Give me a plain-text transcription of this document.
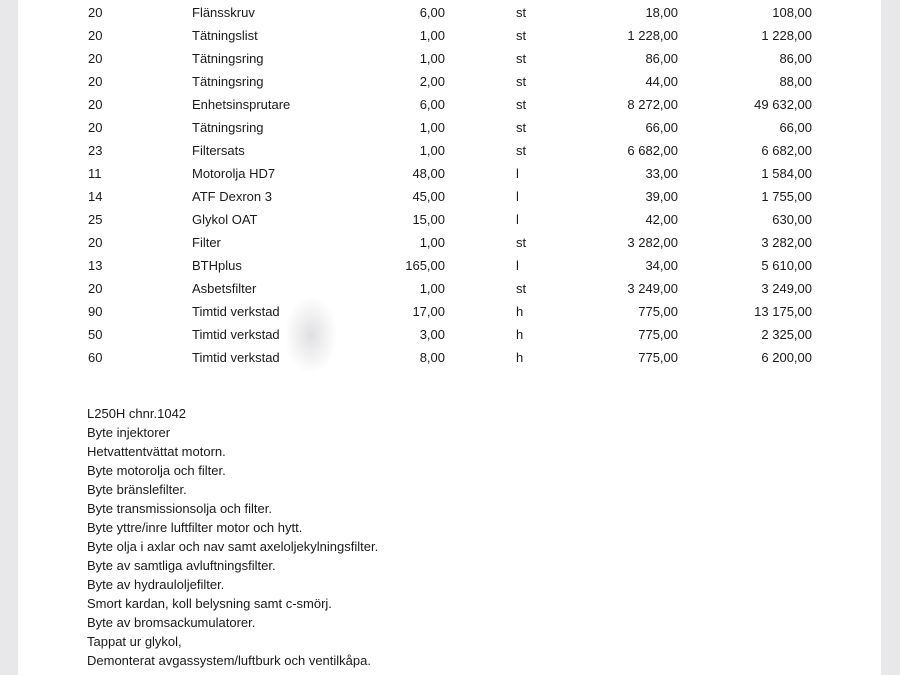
20	Flänsskruv	6,00	st	18,00	108,00
20	Tätningslist	1,00	st	1 228,00	1 228,00
20	Tätningsring	1,00	st	86,00	86,00
20	Tätningsring	2,00	st	44,00	88,00
20	Enhetsinsprutare	6,00	st	8 272,00	49 632,00
20	Tätningsring	1,00	st	66,00	66,00
23	Filtersats	1,00	st	6 682,00	6 682,00
11	Motorolja HD7	48,00	l	33,00	1 584,00
14	ATF Dexron 3	45,00	l	39,00	1 755,00
25	Glykol OAT	15,00	l	42,00	630,00
20	Filter	1,00	st	3 282,00	3 282,00
13	BTHplus	165,00	l	34,00	5 610,00
20	Asbetsfilter	1,00	st	3 249,00	3 249,00
90	Timtid verkstad	17,00	h	775,00	13 175,00
50	Timtid verkstad	3,00	h	775,00	2 325,00
60	Timtid verkstad	8,00	h	775,00	6 200,00
L250H chnr.1042
Byte injektorer
Hetvattentvättat motorn.
Byte motorolja och filter.
Byte bränslefilter.
Byte transmissionsolja och filter.
Byte yttre/inre luftfilter motor och hytt.
Byte olja i axlar och nav samt axeloljekylningsfilter.
Byte av samtliga avluftningsfilter.
Byte av hydrauloljefilter.
Smort kardan, koll belysning samt c-smörj.
Byte av bromsackumulatorer.
Tappat ur glykol,
Demonterat avgassystem/luftburk och ventilkåpa.
